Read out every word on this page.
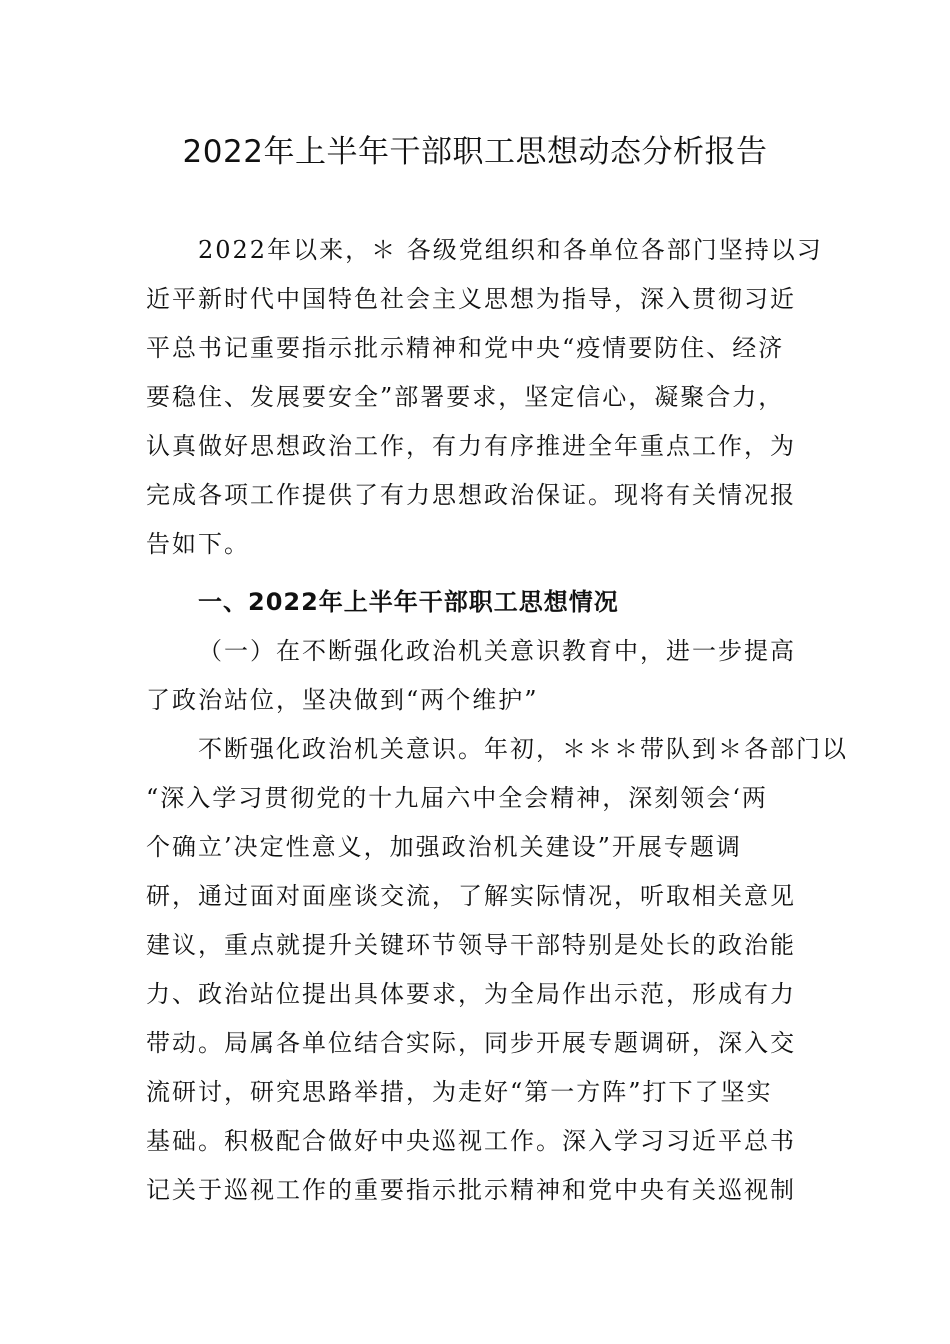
2022年上半年干部职工思想动态分析报告
2022年以来，＊ 各级党组织和各单位各部门坚持以习
近平新时代中国特色社会主义思想为指导，深入贯彻习近
平总书记重要指示批示精神和党中央“疫情要防住、经济
要稳住、发展要安全”部署要求，坚定信心，凝聚合力，
认真做好思想政治工作，有力有序推进全年重点工作，为
完成各项工作提供了有力思想政治保证。现将有关情况报
告如下。
一、2022年上半年干部职工思想情况
（一）在不断强化政治机关意识教育中，进一步提高
了政治站位，坚决做到“两个维护”
不断强化政治机关意识。年初，＊＊＊带队到＊各部门以
“深入学习贯彻党的十九届六中全会精神，深刻领会‘两
个确立’决定性意义，加强政治机关建设”开展专题调
研，通过面对面座谈交流，了解实际情况，听取相关意见
建议，重点就提升关键环节领导干部特别是处长的政治能
力、政治站位提出具体要求，为全局作出示范，形成有力
带动。局属各单位结合实际，同步开展专题调研，深入交
流研讨，研究思路举措，为走好“第一方阵”打下了坚实
基础。积极配合做好中央巡视工作。深入学习习近平总书
记关于巡视工作的重要指示批示精神和党中央有关巡视制
